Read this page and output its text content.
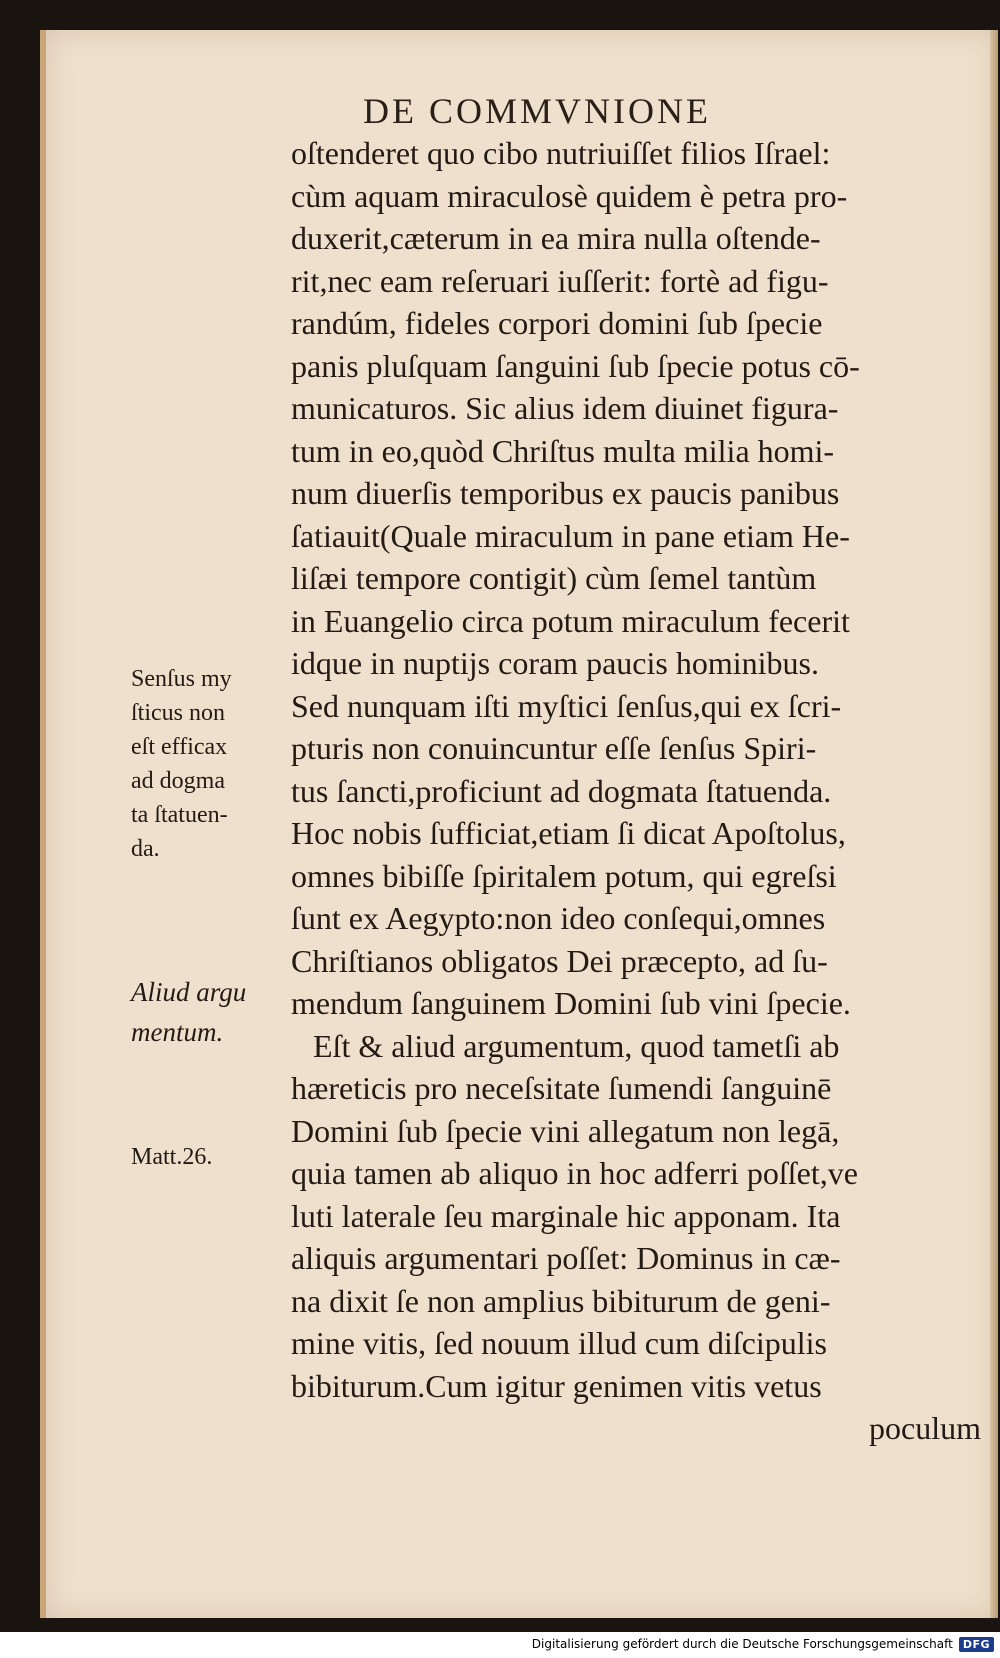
DE COMMVNIONE
oſtenderet quo cibo nutriuiſſet filios Iſrael:
cùm aquam miraculosè quidem è petra pro-
duxerit,cæterum in ea mira nulla oſtende-
rit,nec eam reſeruari iuſſerit: fortè ad figu-
randúm, fideles corpori domini ſub ſpecie
panis pluſquam ſanguini ſub ſpecie potus cō-
municaturos. Sic alius idem diuinet figura-
tum in eo,quòd Chriſtus multa milia homi-
num diuerſis temporibus ex paucis panibus
ſatiauit(Quale miraculum in pane etiam He-
liſæi tempore contigit) cùm ſemel tantùm
in Euangelio circa potum miraculum fecerit
idque in nuptijs coram paucis hominibus.
Sed nunquam iſti myſtici ſenſus,qui ex ſcri-
pturis non conuincuntur eſſe ſenſus Spiri-
tus ſancti,proficiunt ad dogmata ſtatuenda.
Hoc nobis ſufficiat,etiam ſi dicat Apoſtolus,
omnes bibiſſe ſpiritalem potum, qui egreſsi
ſunt ex Aegypto:non ideo conſequi,omnes
Chriſtianos obligatos Dei præcepto, ad ſu-
mendum ſanguinem Domini ſub vini ſpecie.
Eſt & aliud argumentum, quod tametſi ab
hæreticis pro neceſsitate ſumendi ſanguinē
Domini ſub ſpecie vini allegatum non legā,
quia tamen ab aliquo in hoc adferri poſſet,ve
luti laterale ſeu marginale hic apponam. Ita
aliquis argumentari poſſet: Dominus in cæ-
na dixit ſe non amplius bibiturum de geni-
mine vitis, ſed nouum illud cum diſcipulis
bibiturum.Cum igitur genimen vitis vetus
poculum
Senſus my
ſticus non
eſt efficax
ad dogma
ta ſtatuen-
da.
Aliud argu
mentum.
Matt.26.
Digitalisierung gefördert durch die Deutsche Forschungsgemeinschaft DFG
